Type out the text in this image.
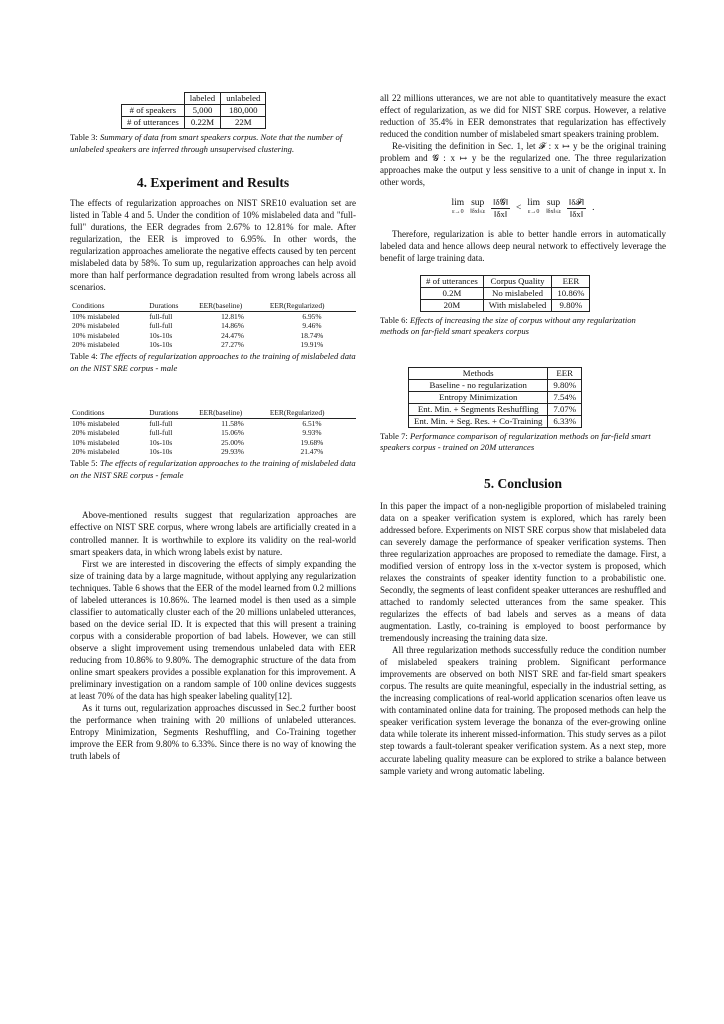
	labeled	unlabeled
# of speakers	5,000	180,000
# of utterances	0.22M	22M

Table 3: Summary of data from smart speakers corpus. Note that the number of unlabeled speakers are inferred through unsupervised clustering.

4. Experiment and Results

The effects of regularization approaches on NIST SRE10 evaluation set are listed in Table 4 and 5. Under the condition of 10% mislabeled data and "full-full" durations, the EER degrades from 2.67% to 12.81% for male. After regularization, the EER is improved to 6.95%. In other words, the regularization approaches ameliorate the negative effects caused by ten percent mislabeled data by 58%. To sum up, regularization approaches can help avoid more than half performance degradation resulted from wrong labels across all scenarios.

Conditions	Durations	EER(baseline)	EER(Regularized)
10% mislabeled	full-full	12.81%	6.95%
20% mislabeled	full-full	14.86%	9.46%
10% mislabeled	10s-10s	24.47%	18.74%
20% mislabeled	10s-10s	27.27%	19.91%

Table 4: The effects of regularization approaches to the training of mislabeled data on the NIST SRE corpus - male

Conditions	Durations	EER(baseline)	EER(Regularized)
10% mislabeled	full-full	11.58%	6.51%
20% mislabeled	full-full	15.06%	9.93%
10% mislabeled	10s-10s	25.00%	19.68%
20% mislabeled	10s-10s	29.93%	21.47%

Table 5: The effects of regularization approaches to the training of mislabeled data on the NIST SRE corpus - female

Above-mentioned results suggest that regularization approaches are effective on NIST SRE corpus, where wrong labels are artificially created in a controlled manner. It is worthwhile to explore its validity on the real-world smart speakers data, in which wrong labels exist by nature.

First we are interested in discovering the effects of simply expanding the size of training data by a large magnitude, without applying any regularization techniques. Table 6 shows that the EER of the model learned from 0.2 millions of labeled utterances is 10.86%. The learned model is then used as a simple classifier to automatically cluster each of the 20 millions unlabeled utterances, based on the device serial ID. It is expected that this will present a training corpus with a considerable proportion of bad labels. However, we can still observe a slight improvement using tremendous unlabeled data with EER reducing from 10.86% to 9.80%. The demographic structure of the data from online smart speakers provides a possible explanation for this improvement. A preliminary investigation on a random sample of 100 online devices suggests at least 70% of the data has high speaker labeling quality[12].

As it turns out, regularization approaches discussed in Sec.2 further boost the performance when training with 20 millions of unlabeled utterances. Entropy Minimization, Segments Reshuffling, and Co-Training together improve the EER from 9.80% to 6.33%. Since there is no way of knowing the truth labels of

all 22 millions utterances, we are not able to quantitatively measure the exact effect of regularization, as we did for NIST SRE corpus. However, a relative reduction of 35.4% in EER demonstrates that regularization has effectively reduced the condition number of mislabeled smart speakers training problem.

Re-visiting the definition in Sec. 1, let 𝓕 : x ↦ y be the original training problem and 𝓖 : x ↦ y be the regularized one. The three regularization approaches make the output y less sensitive to a unit of change in input x. In other words,

lim
ε→0
sup
‖δx‖≤ε
‖δ𝓖‖
‖δx‖
< lim
ε→0
sup
‖δx‖≤ε
‖δ𝓕‖
‖δx‖
.

Therefore, regularization is able to better handle errors in automatically labeled data and hence allows deep neural network to effectively leverage the benefit of large training data.

# of utterances	Corpus Quality	EER
0.2M	No mislabeled	10.86%
20M	With mislabeled	9.80%

Table 6: Effects of increasing the size of corpus without any regularization methods on far-field smart speakers corpus

Methods	EER
Baseline - no regularization	9.80%
Entropy Minimization	7.54%
Ent. Min. + Segments Reshuffling	7.07%
Ent. Min. + Seg. Res. + Co-Training	6.33%

Table 7: Performance comparison of regularization methods on far-field smart speakers corpus - trained on 20M utterances

5. Conclusion

In this paper the impact of a non-negligible proportion of mislabeled training data on a speaker verification system is explored, which has rarely been addressed before. Experiments on NIST SRE corpus show that mislabeled data can severely damage the performance of speaker verification systems. Then three regularization approaches are proposed to remediate the damage. First, a modified version of entropy loss in the x-vector system is proposed, which relaxes the constraints of speaker identity function to a probabilistic one. Secondly, the segments of least confident speaker utterances are reshuffled and attached to randomly selected utterances from the same speaker. This regularizes the effects of bad labels and serves as a means of data augmentation. Lastly, co-training is employed to boost performance by tremendously increasing the training data size.

All three regularization methods successfully reduce the condition number of mislabeled speakers training problem. Significant performance improvements are observed on both NIST SRE and far-field smart speakers corpus. The results are quite meaningful, especially in the industrial setting, as the increasing complications of real-world application scenarios often leave us with contaminated online data for training. The proposed methods can help the speaker verification system leverage the bonanza of the ever-growing online data while tolerate its inherent missed-information. This study serves as a pilot step towards a fault-tolerant speaker verification system. As a next step, more accurate labeling quality measure can be explored to strike a balance between sample variety and wrong automatic labeling.
